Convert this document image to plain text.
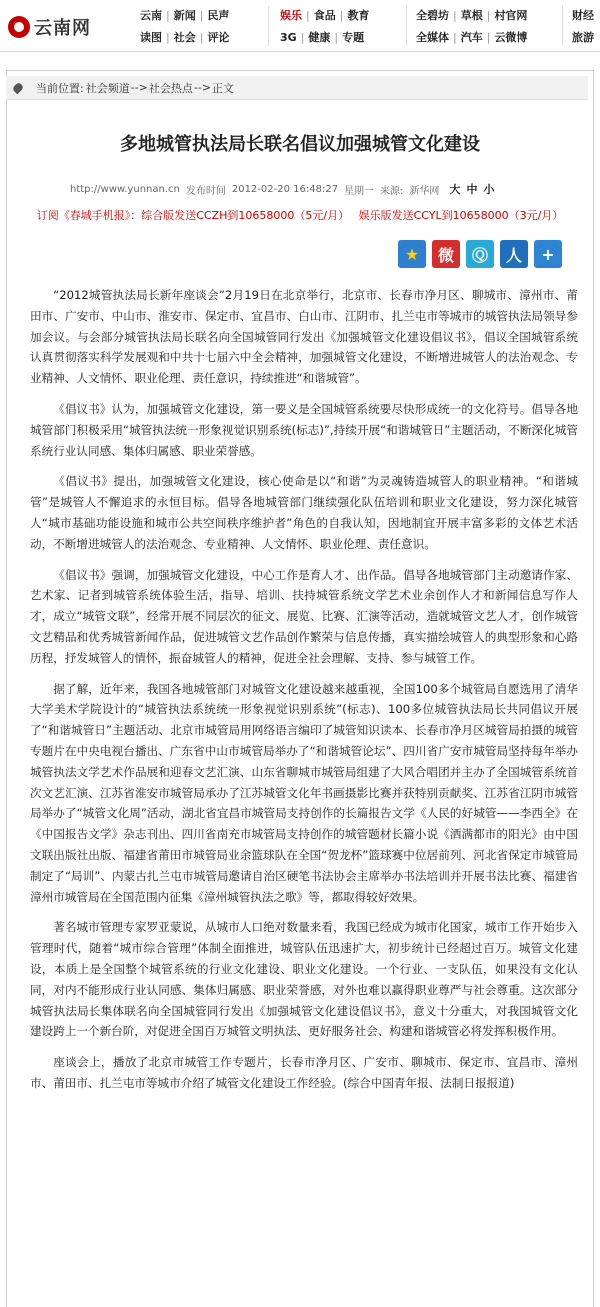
云南网
云南 | 新闻 | 民声
读图 | 社会 | 评论
娱乐 | 食品 | 教育
3G | 健康 | 专题
全碧坊 | 草根 | 村官网
全媒体 | 汽车 | 云微博
财经
旅游
当前位置: 社会频道 --> 社会热点 --> 正文
多地城管执法局长联名倡议加强城管文化建设
http://www.yunnan.cn 发布时间 2012-02-20 16:48:27 星期一 来源: 新华网 大 中 小
订阅《春城手机报》：综合版发送CCZH到10658000（5元/月） 娱乐版发送CCYL到10658000（3元/月）
★	微	Ⓠ	人	+

“2012城管执法局长新年座谈会”2月19日在北京举行，北京市、长春市净月区、聊城市、漳州市、莆田市、广安市、中山市、淮安市、保定市、宜昌市、白山市、江阴市、扎兰屯市等城市的城管执法局领导参加会议。与会部分城管执法局长联名向全国城管同行发出《加强城管文化建设倡议书》，倡议全国城管系统认真贯彻落实科学发展观和中共十七届六中全会精神，加强城管文化建设，不断增进城管人的法治观念、专业精神、人文情怀、职业伦理、责任意识，持续推进“和谐城管”。

《倡议书》认为，加强城管文化建设，第一要义是全国城管系统要尽快形成统一的文化符号。倡导各地城管部门积极采用“城管执法统一形象视觉识别系统(标志)”,持续开展“和谐城管日”主题活动，不断深化城管系统行业认同感、集体归属感、职业荣誉感。

《倡议书》提出，加强城管文化建设，核心使命是以“和谐”为灵魂铸造城管人的职业精神。“和谐城管”是城管人不懈追求的永恒目标。倡导各地城管部门继续强化队伍培训和职业文化建设，努力深化城管人“城市基础功能设施和城市公共空间秩序维护者”角色的自我认知，因地制宜开展丰富多彩的文体艺术活动，不断增进城管人的法治观念、专业精神、人文情怀、职业伦理、责任意识。

《倡议书》强调，加强城管文化建设，中心工作是育人才、出作品。倡导各地城管部门主动邀请作家、艺术家、记者到城管系统体验生活，指导、培训、扶持城管系统文学艺术业余创作人才和新闻信息写作人才，成立“城管文联”，经常开展不同层次的征文、展览、比赛、汇演等活动，造就城管文艺人才，创作城管文艺精品和优秀城管新闻作品，促进城管文艺作品创作繁荣与信息传播，真实描绘城管人的典型形象和心路历程，抒发城管人的情怀，振奋城管人的精神，促进全社会理解、支持、参与城管工作。

据了解，近年来，我国各地城管部门对城管文化建设越来越重视，全国100多个城管局自愿选用了清华大学美术学院设计的“城管执法系统统一形象视觉识别系统”(标志)、100多位城管执法局长共同倡议开展了“和谐城管日”主题活动、北京市城管局用网络语言编印了城管知识读本、长春市净月区城管局拍摄的城管专题片在中央电视台播出、广东省中山市城管局举办了“和谐城管论坛”、四川省广安市城管局坚持每年举办城管执法文学艺术作品展和迎春文艺汇演、山东省聊城市城管局组建了大风合唱团并主办了全国城管系统首次文艺汇演、江苏省淮安市城管局承办了江苏城管文化年书画摄影比赛并获特别贡献奖、江苏省江阴市城管局举办了“城管文化周”活动，湖北省宜昌市城管局支持创作的长篇报告文学《人民的好城管——李西全》在《中国报告文学》杂志刊出、四川省南充市城管局支持创作的城管题材长篇小说《洒满都市的阳光》由中国文联出版社出版、福建省莆田市城管局业余篮球队在全国“贺龙杯”篮球赛中位居前列、河北省保定市城管局制定了“局训”、内蒙古扎兰屯市城管局邀请自治区硬笔书法协会主席举办书法培训并开展书法比赛、福建省漳州市城管局在全国范围内征集《漳州城管执法之歌》等，都取得较好效果。

著名城市管理专家罗亚蒙说，从城市人口绝对数量来看，我国已经成为城市化国家，城市工作开始步入管理时代，随着“城市综合管理”体制全面推进，城管队伍迅速扩大，初步统计已经超过百万。城管文化建设，本质上是全国整个城管系统的行业文化建设、职业文化建设。一个行业、一支队伍，如果没有文化认同，对内不能形成行业认同感、集体归属感、职业荣誉感，对外也难以赢得职业尊严与社会尊重。这次部分城管执法局长集体联名向全国城管同行发出《加强城管文化建设倡议书》，意义十分重大，对我国城管文化建设跨上一个新台阶，对促进全国百万城管文明执法、更好服务社会、构建和谐城管必将发挥积极作用。

座谈会上，播放了北京市城管工作专题片，长春市净月区、广安市、聊城市、保定市、宜昌市、漳州市、莆田市、扎兰屯市等城市介绍了城管文化建设工作经验。(综合中国青年报、法制日报报道)
